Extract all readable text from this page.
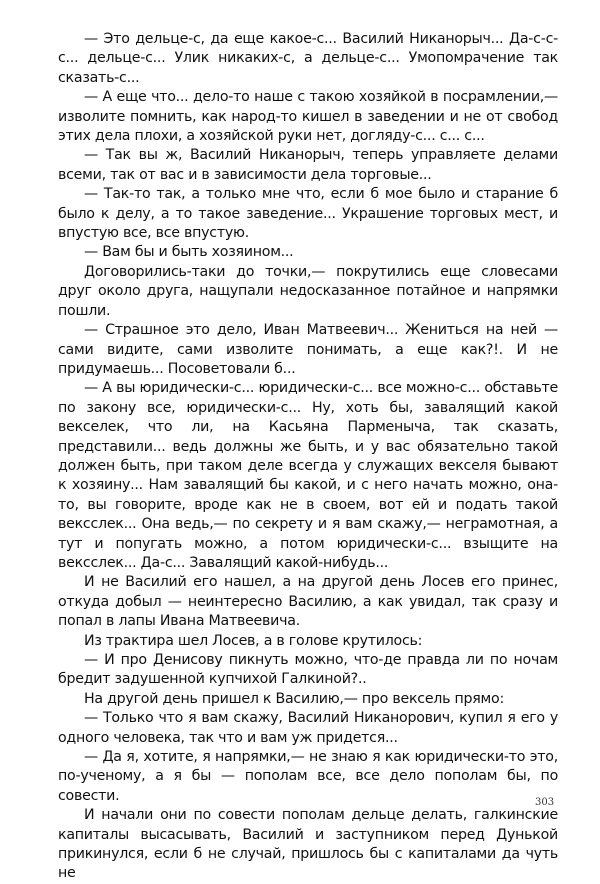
— Это дельце-с, да еще какое-с... Василий Никанорыч... Да-с-с-с... дельце-с... Улик никаких-с, а дельце-с... Умопомрачение так сказать-с...

— А еще что... дело-то наше с такою хозяйкой в посрамлении,— изволите помнить, как народ-то кишел в заведении и не от свобод этих дела плохи, а хозяйской руки нет, догляду-с... с... с...

— Так вы ж, Василий Никанорыч, теперь управляете делами всеми, так от вас и в зависимости дела торговые...

— Так-то так, а только мне что, если б мое было и старание б было к делу, а то такое заведение... Украшение торговых мест, и впустую все, все впустую.

— Вам бы и быть хозяином...

Договорились-таки до точки,— покрутились еще словесами друг около друга, нащупали недосказанное потайное и напрямки пошли.

— Страшное это дело, Иван Матвеевич... Жениться на ней — сами видите, сами изволите понимать, а еще как?!. И не придумаешь... Посоветовали б...

— А вы юридически-с... юридически-с... все можно-с... обставьте по закону все, юридически-с... Ну, хоть бы, завалящий какой векселек, что ли, на Касьяна Парменыча, так сказать, представили... ведь должны же быть, и у вас обязательно такой должен быть, при таком деле всегда у служащих векселя бывают к хозяину... Нам завалящий бы какой, и с него начать можно, она-то, вы говорите, вроде как не в своем, вот ей и подать такой вексслек... Она ведь,— по секрету и я вам скажу,— неграмотная, а тут и попугать можно, а потом юридически-с... взыщите на вексслек... Да-с... Завалящий какой-нибудь...

И не Василий его нашел, а на другой день Лосев его принес, откуда добыл — неинтересно Василию, а как увидал, так сразу и попал в лапы Ивана Матвеевича.

Из трактира шел Лосев, а в голове крутилось:

— И про Денисову пикнуть можно, что-де правда ли по ночам бредит задушенной купчихой Галкиной?..

На другой день пришел к Василию,— про вексель прямо:

— Только что я вам скажу, Василий Никанорович, купил я его у одного человека, так что и вам уж придется...

— Да я, хотите, я напрямки,— не знаю я как юридически-то это, по-ученому, а я бы — пополам все, все дело пополам бы, по совести.

И начали они по совести пополам дельце делать, галкинские капиталы высасывать, Василий и заступником перед Дунькой прикинулся, если б не случай, пришлось бы с капиталами да чуть не

303
